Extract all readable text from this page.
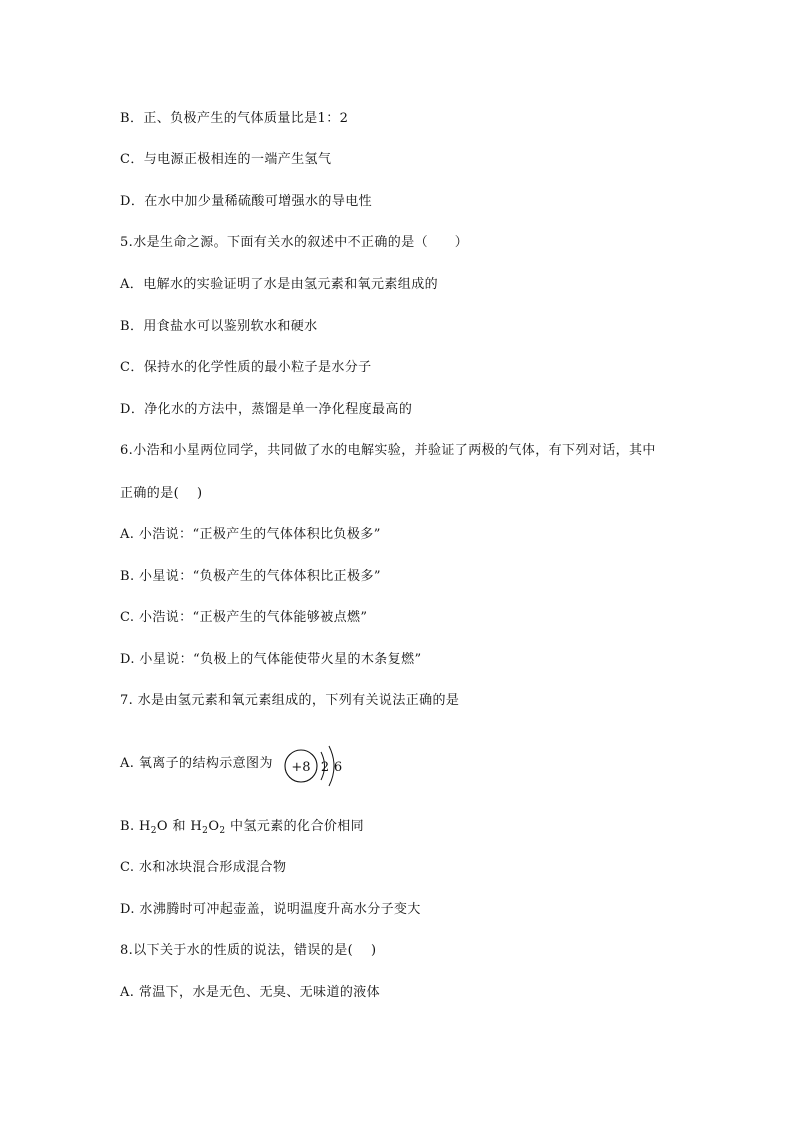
B．正、负极产生的气体质量比是1：2
C．与电源正极相连的一端产生氢气
D．在水中加少量稀硫酸可增强水的导电性
5.水是生命之源。下面有关水的叙述中不正确的是（　　）
A．电解水的实验证明了水是由氢元素和氧元素组成的
B．用食盐水可以鉴别软水和硬水
C．保持水的化学性质的最小粒子是水分子
D．净化水的方法中，蒸馏是单一净化程度最高的
6.小浩和小星两位同学，共同做了水的电解实验，并验证了两极的气体，有下列对话，其中
正确的是(　 )
A. 小浩说：“正极产生的气体体积比负极多”
B. 小星说：“负极产生的气体体积比正极多”
C. 小浩说：“正极产生的气体能够被点燃”
D. 小星说：“负极上的气体能使带火星的木条复燃”
7. 水是由氢元素和氧元素组成的，下列有关说法正确的是
A. 氧离子的结构示意图为 +8 2 6
B. $H_2O$ 和 $H_2O_2$ 中氢元素的化合价相同
C. 水和冰块混合形成混合物
D. 水沸腾时可冲起壶盖，说明温度升高水分子变大
8.以下关于水的性质的说法，错误的是(　 )
A. 常温下，水是无色、无臭、无味道的液体
